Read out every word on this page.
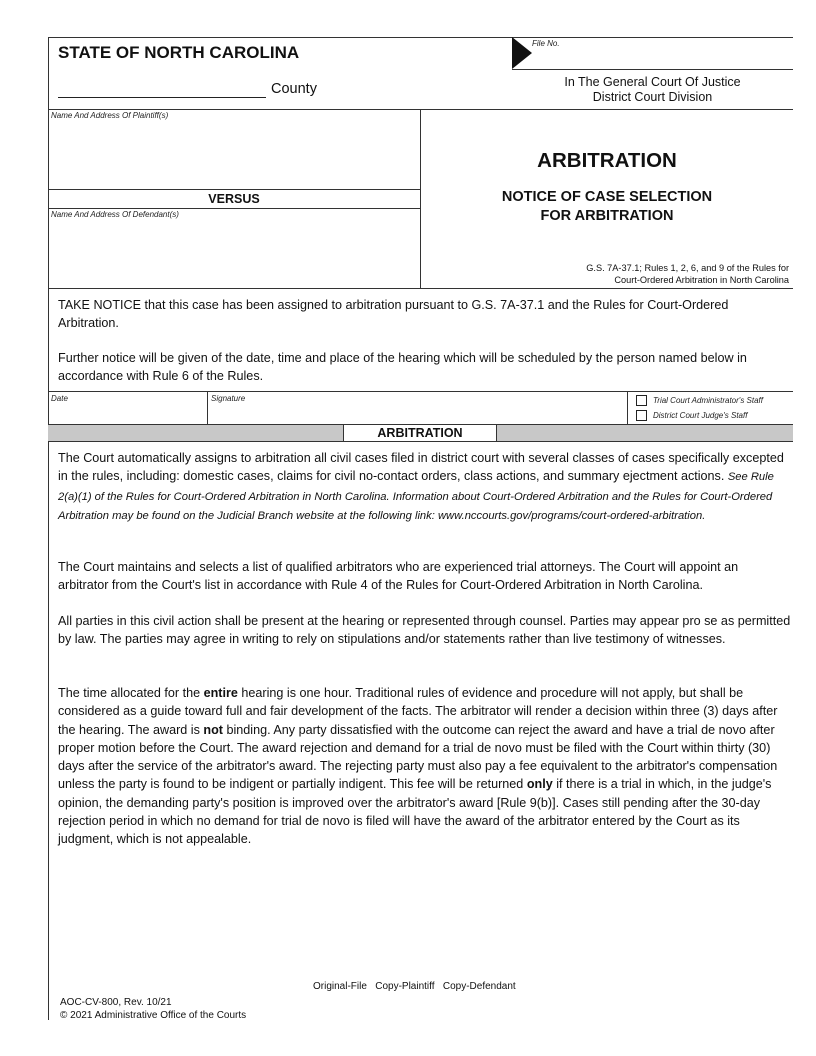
STATE OF NORTH CAROLINA
County
File No.
In The General Court Of Justice
District Court Division
Name And Address Of Plaintiff(s)
VERSUS
Name And Address Of Defendant(s)
ARBITRATION
NOTICE OF CASE SELECTION
FOR ARBITRATION
G.S. 7A-37.1; Rules 1, 2, 6, and 9 of the Rules for
Court-Ordered Arbitration in North Carolina
TAKE NOTICE that this case has been assigned to arbitration pursuant to G.S. 7A-37.1 and the Rules for Court-Ordered Arbitration.
Further notice will be given of the date, time and place of the hearing which will be scheduled by the person named below in accordance with Rule 6 of the Rules.
Date	Signature	Trial Court Administrator's Staff
District Court Judge's Staff
ARBITRATION
The Court automatically assigns to arbitration all civil cases filed in district court with several classes of cases specifically excepted in the rules, including: domestic cases, claims for civil no-contact orders, class actions, and summary ejectment actions. See Rule 2(a)(1) of the Rules for Court-Ordered Arbitration in North Carolina. Information about Court-Ordered Arbitration and the Rules for Court-Ordered Arbitration may be found on the Judicial Branch website at the following link: www.nccourts.gov/programs/court-ordered-arbitration.
The Court maintains and selects a list of qualified arbitrators who are experienced trial attorneys. The Court will appoint an arbitrator from the Court's list in accordance with Rule 4 of the Rules for Court-Ordered Arbitration in North Carolina.
All parties in this civil action shall be present at the hearing or represented through counsel. Parties may appear pro se as permitted by law. The parties may agree in writing to rely on stipulations and/or statements rather than live testimony of witnesses.
The time allocated for the entire hearing is one hour. Traditional rules of evidence and procedure will not apply, but shall be considered as a guide toward full and fair development of the facts. The arbitrator will render a decision within three (3) days after the hearing. The award is not binding. Any party dissatisfied with the outcome can reject the award and have a trial de novo after proper motion before the Court. The award rejection and demand for a trial de novo must be filed with the Court within thirty (30) days after the service of the arbitrator's award. The rejecting party must also pay a fee equivalent to the arbitrator's compensation unless the party is found to be indigent or partially indigent. This fee will be returned only if there is a trial in which, in the judge's opinion, the demanding party's position is improved over the arbitrator's award [Rule 9(b)]. Cases still pending after the 30-day rejection period in which no demand for trial de novo is filed will have the award of the arbitrator entered by the Court as its judgment, which is not appealable.
Original-File   Copy-Plaintiff   Copy-Defendant
AOC-CV-800, Rev. 10/21
© 2021 Administrative Office of the Courts
